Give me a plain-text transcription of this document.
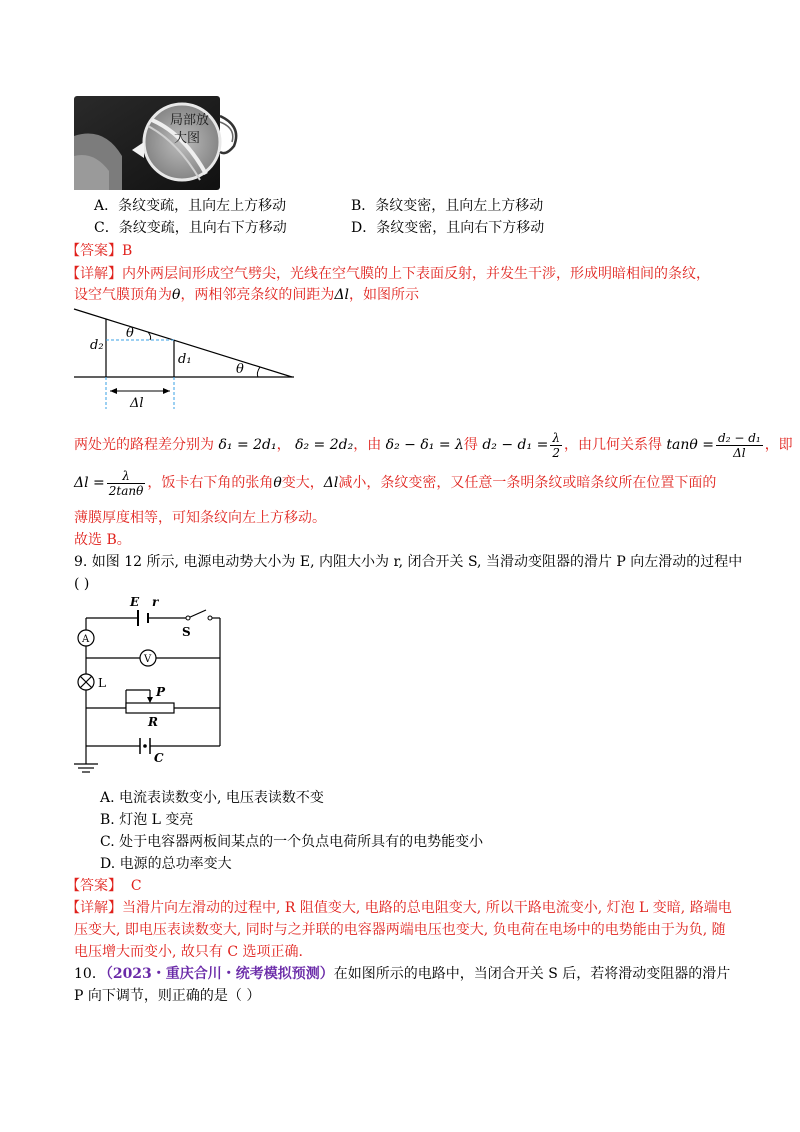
局部放
大图
A．条纹变疏，且向左上方移动	B．条纹变密，且向左上方移动
C．条纹变疏，且向右下方移动	D．条纹变密，且向右下方移动
【答案】B
【详解】内外两层间形成空气劈尖，光线在空气膜的上下表面反射，并发生干涉，形成明暗相间的条纹，
设空气膜顶角为θ，两相邻亮条纹的间距为Δl，如图所示
d₂
d₁
θ
θ
Δl
两处光的路程差分别为 δ₁ = 2d₁， δ₂ = 2d₂，由 δ₂ − δ₁ = λ得 $d_2 - d_1 = \frac{\lambda}{2}$ ，由几何关系得 $\tan\theta = \frac{\text{d₂ − d₁}}{\Delta l}$ ，即
$\Delta l = \frac{\lambda}{2\tan\theta}$ ，饭卡右下角的张角θ变大，Δl减小，条纹变密，又任意一条明条纹或暗条纹所在位置下面的
薄膜厚度相等，可知条纹向左上方移动。
故选 B。
9. 如图 12 所示, 电源电动势大小为 E, 内阻大小为 r, 闭合开关 S, 当滑动变阻器的滑片 P 向左滑动的过程中
( )
E r
S
A
V
L
P
R
C
A. 电流表读数变小, 电压表读数不变
B. 灯泡 L 变亮
C. 处于电容器两板间某点的一个负点电荷所具有的电势能变小
D. 电源的总功率变大
【答案】 C
【详解】当滑片向左滑动的过程中, R 阻值变大, 电路的总电阻变大, 所以干路电流变小, 灯泡 L 变暗, 路端电
压变大, 即电压表读数变大, 同时与之并联的电容器两端电压也变大, 负电荷在电场中的电势能由于为负, 随
电压增大而变小, 故只有 C 选项正确.
10．（2023・重庆合川・统考模拟预测）在如图所示的电路中，当闭合开关 S 后，若将滑动变阻器的滑片
P 向下调节，则正确的是（ ）
